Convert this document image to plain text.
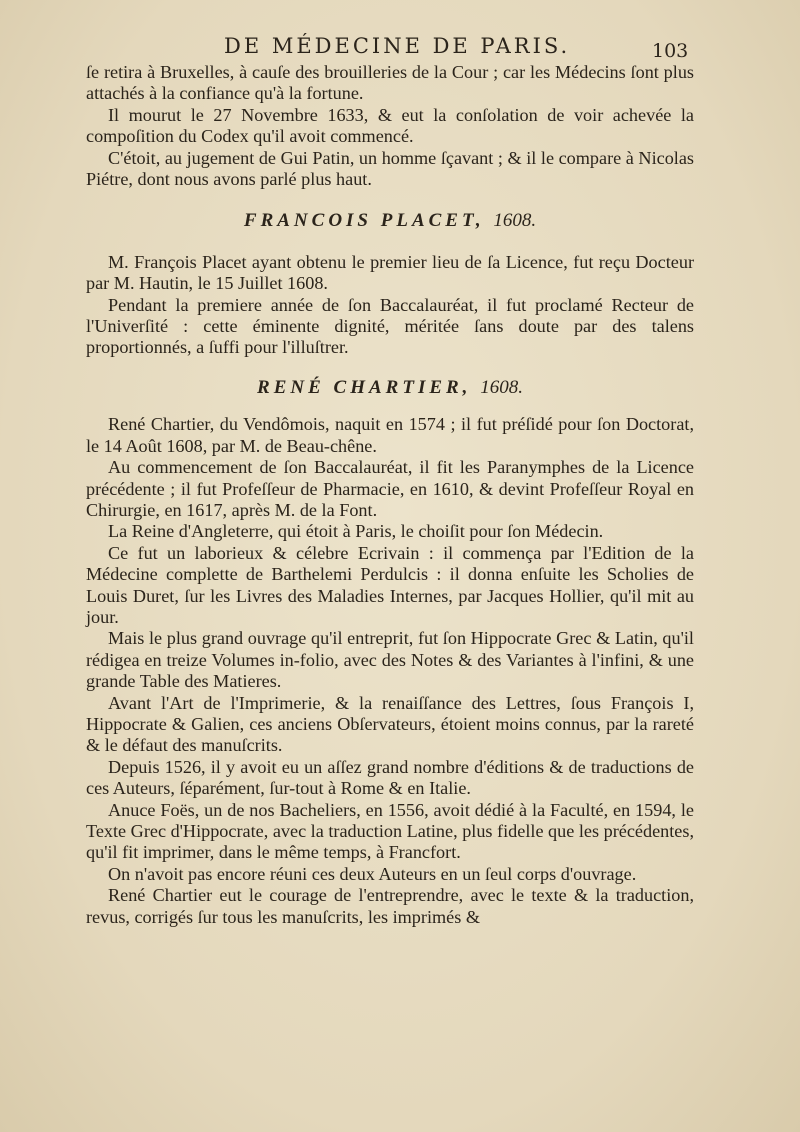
DE MÉDECINE DE PARIS.	103

ſe retira à Bruxelles, à cauſe des brouilleries de la Cour ; car les Médecins ſont plus attachés à la confiance qu'à la fortune.

Il mourut le 27 Novembre 1633, & eut la conſolation de voir achevée la compoſition du Codex qu'il avoit commencé.

C'étoit, au jugement de Gui Patin, un homme ſçavant ; & il le compare à Nicolas Piétre, dont nous avons parlé plus haut.

FRANCOIS PLACET, 1608.

M. François Placet ayant obtenu le premier lieu de ſa Licence, fut reçu Docteur par M. Hautin, le 15 Juillet 1608.

Pendant la premiere année de ſon Baccalauréat, il fut proclamé Recteur de l'Univerſité : cette éminente dignité, méritée ſans doute par des talens proportionnés, a ſuffi pour l'illuſtrer.

RENÉ CHARTIER, 1608.

René Chartier, du Vendômois, naquit en 1574 ; il fut préſidé pour ſon Doctorat, le 14 Août 1608, par M. de Beau-chêne.

Au commencement de ſon Baccalauréat, il fit les Paranymphes de la Licence précédente ; il fut Profeſſeur de Pharmacie, en 1610, & devint Profeſſeur Royal en Chirurgie, en 1617, après M. de la Font.

La Reine d'Angleterre, qui étoit à Paris, le choiſit pour ſon Médecin.

Ce fut un laborieux & célebre Ecrivain : il commença par l'Edition de la Médecine complette de Barthelemi Perdulcis : il donna enſuite les Scholies de Louis Duret, ſur les Livres des Maladies Internes, par Jacques Hollier, qu'il mit au jour.

Mais le plus grand ouvrage qu'il entreprit, fut ſon Hippocrate Grec & Latin, qu'il rédigea en treize Volumes in-folio, avec des Notes & des Variantes à l'infini, & une grande Table des Matieres.

Avant l'Art de l'Imprimerie, & la renaiſſance des Lettres, ſous François I, Hippocrate & Galien, ces anciens Obſervateurs, étoient moins connus, par la rareté & le défaut des manuſcrits.

Depuis 1526, il y avoit eu un aſſez grand nombre d'éditions & de traductions de ces Auteurs, ſéparément, ſur-tout à Rome & en Italie.

Anuce Foës, un de nos Bacheliers, en 1556, avoit dédié à la Faculté, en 1594, le Texte Grec d'Hippocrate, avec la traduction Latine, plus fidelle que les précédentes, qu'il fit imprimer, dans le même temps, à Francfort.

On n'avoit pas encore réuni ces deux Auteurs en un ſeul corps d'ouvrage.

René Chartier eut le courage de l'entreprendre, avec le texte & la traduction, revus, corrigés ſur tous les manuſcrits, les imprimés &
